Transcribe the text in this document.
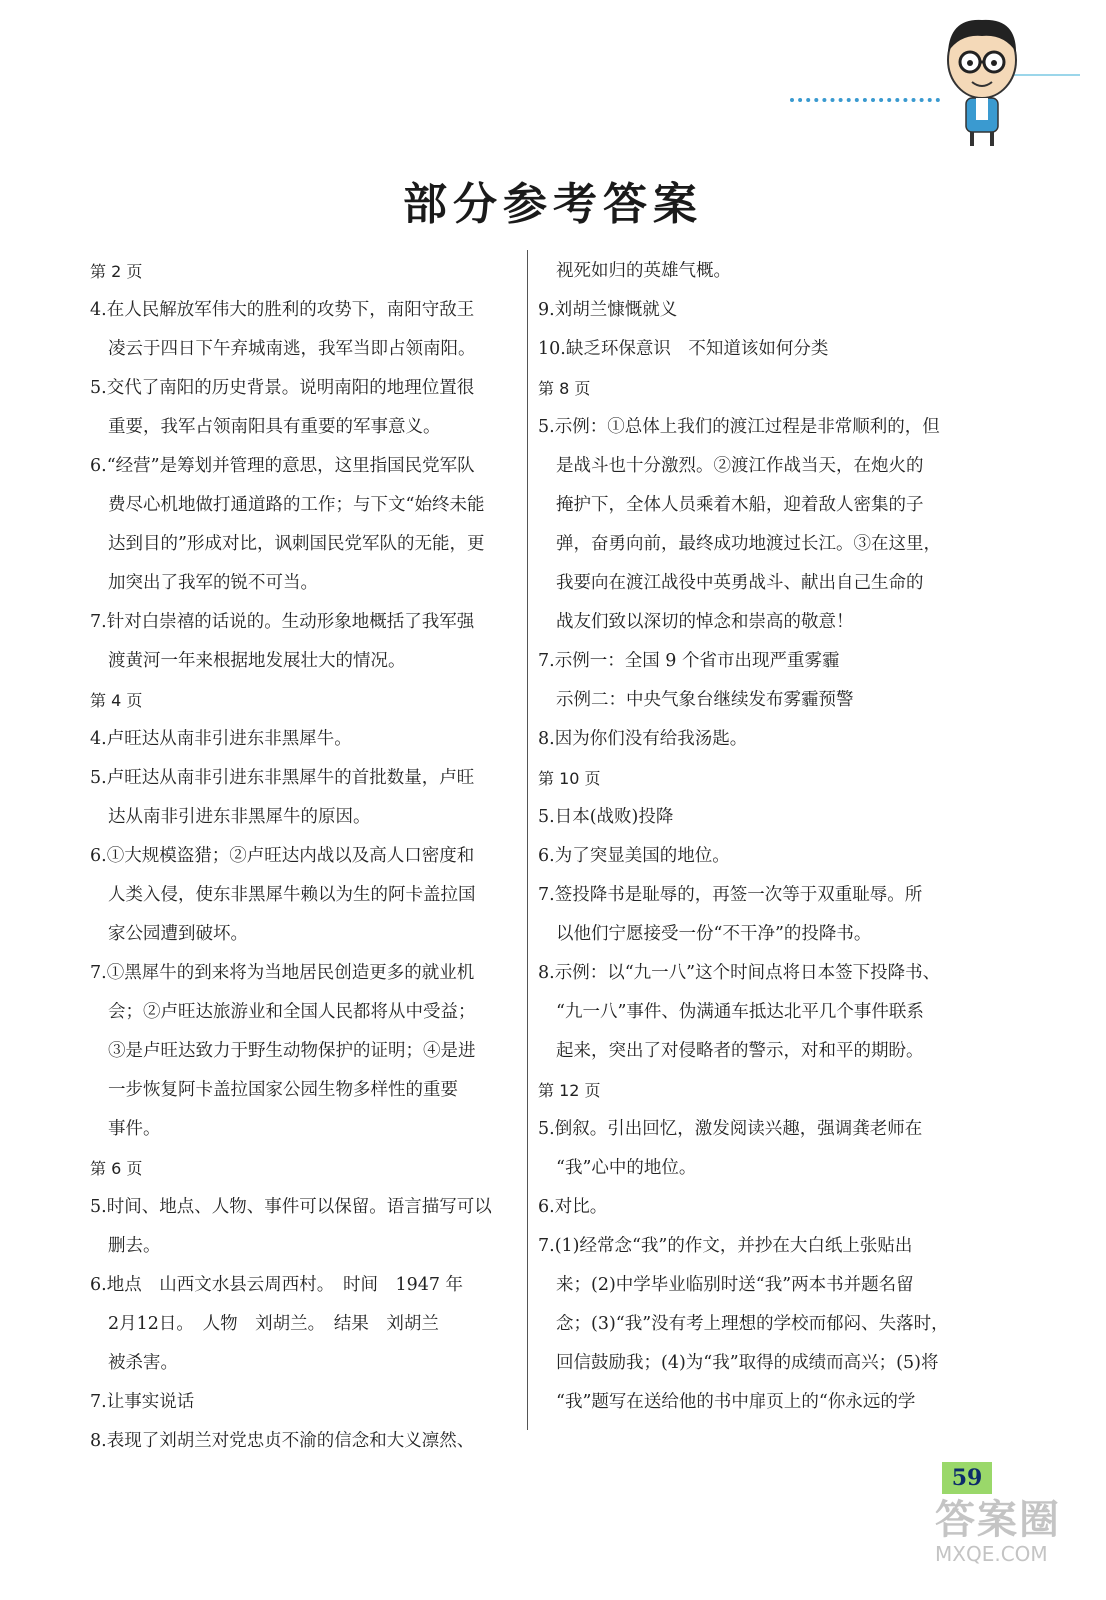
部分参考答案
第 2 页
4.在人民解放军伟大的胜利的攻势下，南阳守敌王
凌云于四日下午弃城南逃，我军当即占领南阳。
5.交代了南阳的历史背景。说明南阳的地理位置很
重要，我军占领南阳具有重要的军事意义。
6.“经营”是筹划并管理的意思，这里指国民党军队
费尽心机地做打通道路的工作；与下文“始终未能
达到目的”形成对比，讽刺国民党军队的无能，更
加突出了我军的锐不可当。
7.针对白崇禧的话说的。生动形象地概括了我军强
渡黄河一年来根据地发展壮大的情况。
第 4 页
4.卢旺达从南非引进东非黑犀牛。
5.卢旺达从南非引进东非黑犀牛的首批数量，卢旺
达从南非引进东非黑犀牛的原因。
6.①大规模盗猎；②卢旺达内战以及高人口密度和
人类入侵，使东非黑犀牛赖以为生的阿卡盖拉国
家公园遭到破坏。
7.①黑犀牛的到来将为当地居民创造更多的就业机
会；②卢旺达旅游业和全国人民都将从中受益；
③是卢旺达致力于野生动物保护的证明；④是进
一步恢复阿卡盖拉国家公园生物多样性的重要
事件。
第 6 页
5.时间、地点、人物、事件可以保留。语言描写可以
删去。
6.地点　山西文水县云周西村。　时间　1947 年
2月12日。　人物　刘胡兰。　结果　刘胡兰
被杀害。
7.让事实说话
8.表现了刘胡兰对党忠贞不渝的信念和大义凛然、
视死如归的英雄气概。
9.刘胡兰慷慨就义
10.缺乏环保意识　不知道该如何分类
第 8 页
5.示例：①总体上我们的渡江过程是非常顺利的，但
是战斗也十分激烈。②渡江作战当天，在炮火的
掩护下，全体人员乘着木船，迎着敌人密集的子
弹，奋勇向前，最终成功地渡过长江。③在这里，
我要向在渡江战役中英勇战斗、献出自己生命的
战友们致以深切的悼念和崇高的敬意！
7.示例一：全国 9 个省市出现严重雾霾
示例二：中央气象台继续发布雾霾预警
8.因为你们没有给我汤匙。
第 10 页
5.日本(战败)投降
6.为了突显美国的地位。
7.签投降书是耻辱的，再签一次等于双重耻辱。所
以他们宁愿接受一份“不干净”的投降书。
8.示例：以“九一八”这个时间点将日本签下投降书、
“九一八”事件、伪满通车抵达北平几个事件联系
起来，突出了对侵略者的警示，对和平的期盼。
第 12 页
5.倒叙。引出回忆，激发阅读兴趣，强调龚老师在
“我”心中的地位。
6.对比。
7.(1)经常念“我”的作文，并抄在大白纸上张贴出
来；(2)中学毕业临别时送“我”两本书并题名留
念；(3)“我”没有考上理想的学校而郁闷、失落时，
回信鼓励我；(4)为“我”取得的成绩而高兴；(5)将
“我”题写在送给他的书中扉页上的“你永远的学
59
答案圈
MXQE.COM
